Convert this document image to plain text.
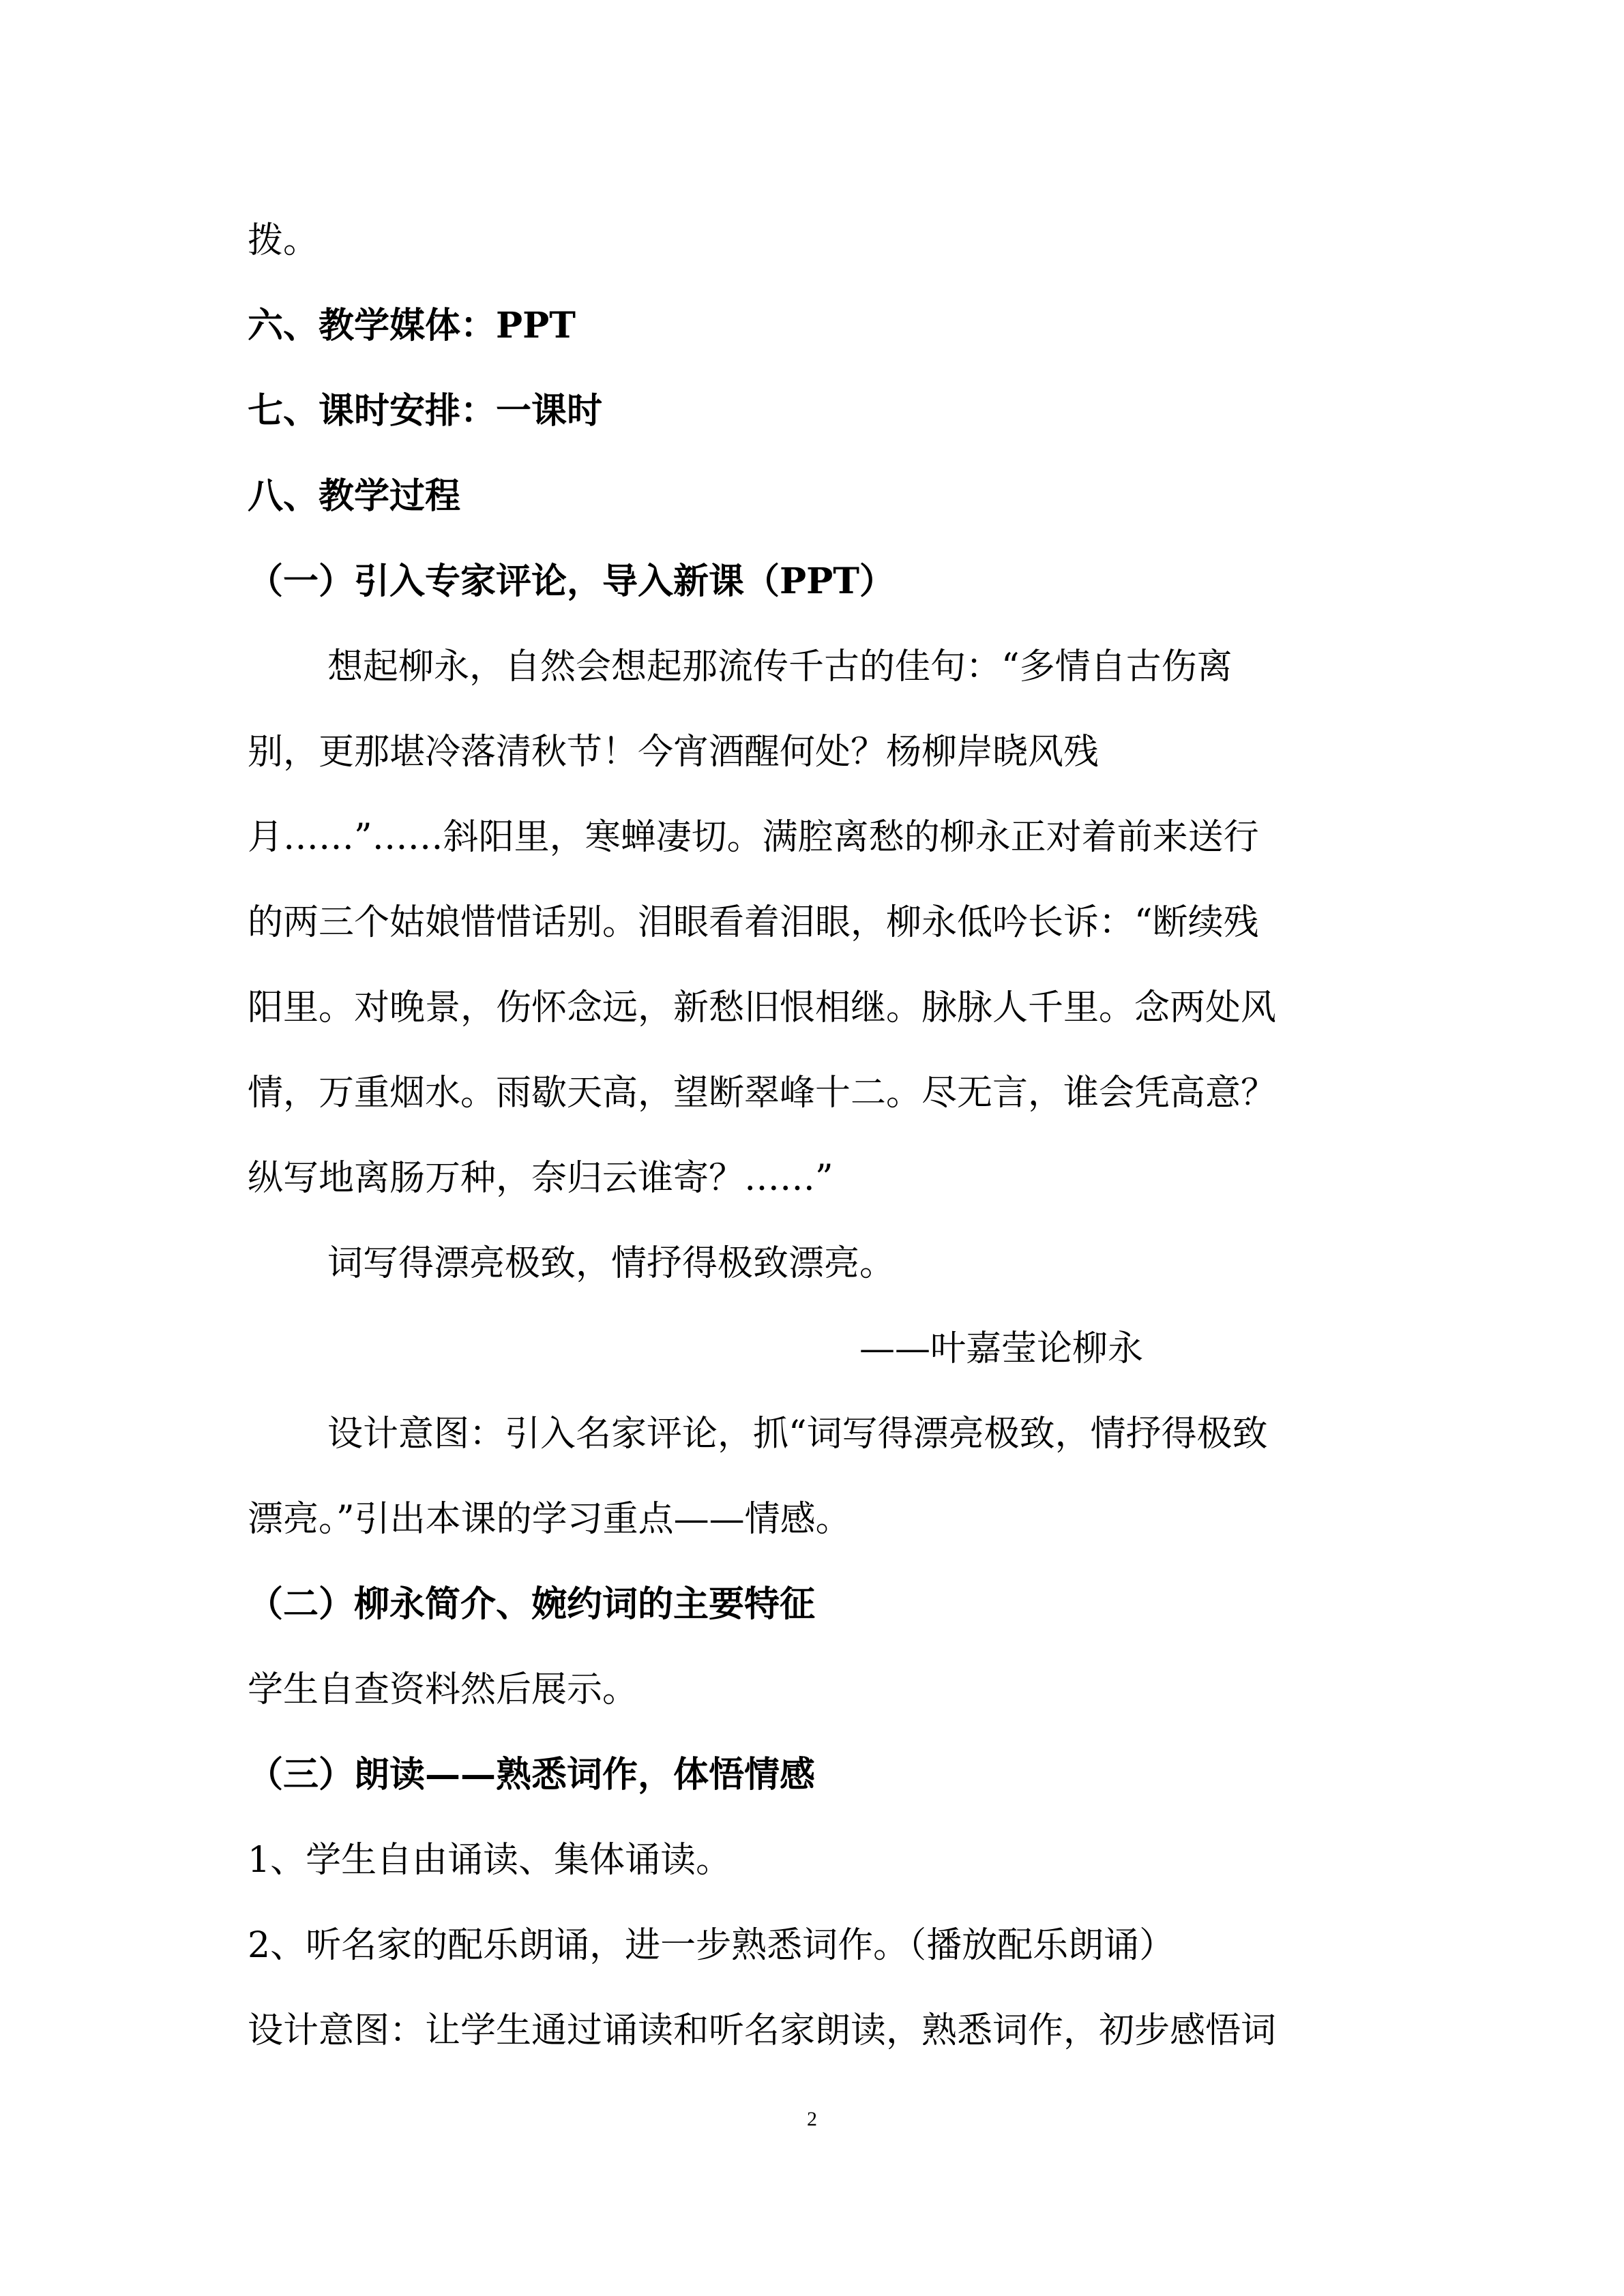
拨。
六、教学媒体：PPT
七、课时安排：一课时
八、教学过程
（一）引入专家评论，导入新课（PPT）
想起柳永，自然会想起那流传千古的佳句：“多情自古伤离
别，更那堪冷落清秋节！今宵酒醒何处？杨柳岸晓风残
月……”……斜阳里，寒蝉凄切。满腔离愁的柳永正对着前来送行
的两三个姑娘惜惜话别。泪眼看着泪眼，柳永低吟长诉：“断续残
阳里。对晚景，伤怀念远，新愁旧恨相继。脉脉人千里。念两处风
情，万重烟水。雨歇天高，望断翠峰十二。尽无言，谁会凭高意？
纵写地离肠万种，奈归云谁寄？……”
词写得漂亮极致，情抒得极致漂亮。
——叶嘉莹论柳永
设计意图：引入名家评论，抓“词写得漂亮极致，情抒得极致
漂亮。”引出本课的学习重点——情感。
（二）柳永简介、婉约词的主要特征
学生自查资料然后展示。
（三）朗读——熟悉词作，体悟情感
1、学生自由诵读、集体诵读。
2、听名家的配乐朗诵，进一步熟悉词作。（播放配乐朗诵）
设计意图：让学生通过诵读和听名家朗读，熟悉词作，初步感悟词
2
